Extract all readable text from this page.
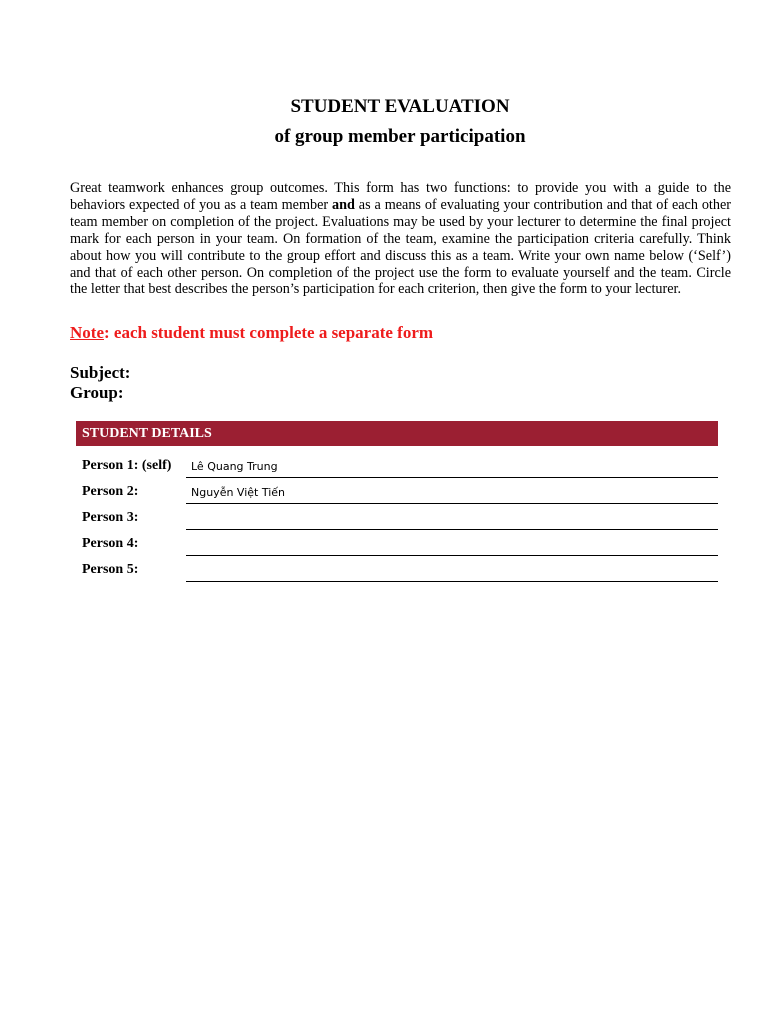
STUDENT EVALUATION
of group member participation

Great teamwork enhances group outcomes. This form has two functions: to provide you with a guide to the behaviors expected of you as a team member and as a means of evaluating your contribution and that of each other team member on completion of the project. Evaluations may be used by your lecturer to determine the final project mark for each person in your team. On formation of the team, examine the participation criteria carefully. Think about how you will contribute to the group effort and discuss this as a team. Write your own name below (‘Self’) and that of each other person. On completion of the project use the form to evaluate yourself and the team. Circle the letter that best describes the person’s participation for each criterion, then give the form to your lecturer.

Note: each student must complete a separate form
Subject:
Group:
STUDENT DETAILS
Person 1: (self) Lê Quang Trung
Person 2:	Nguyễn Việt Tiến
Person 3:
Person 4:
Person 5:
